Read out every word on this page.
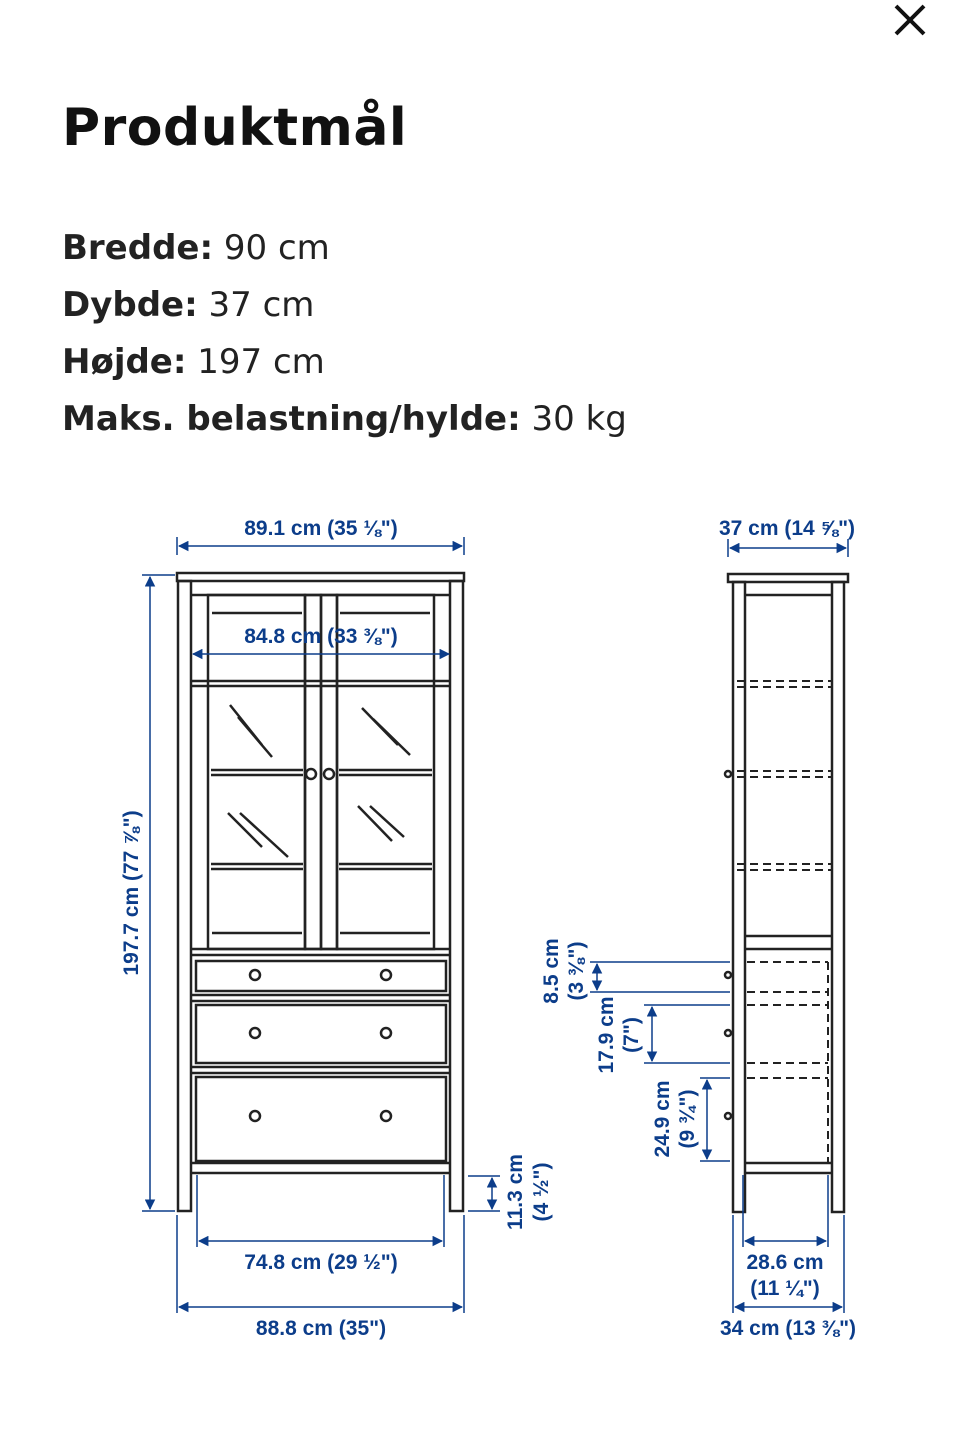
Produktmål
Bredde: 90 cm
Dybde: 37 cm
Højde: 197 cm
Maks. belastning/hylde: 30 kg
89.1 cm (35 ⅛")
84.8 cm (33 ⅜")
197.7 cm (77 ⅞")
74.8 cm (29 ½")
88.8 cm (35")
11.3 cm (4 ½")
37 cm (14 ⅝")
8.5 cm (3 ⅜")
17.9 cm (7")
24.9 cm (9 ¾")
28.6 cm
(11 ¼")
34 cm (13 ⅜")
